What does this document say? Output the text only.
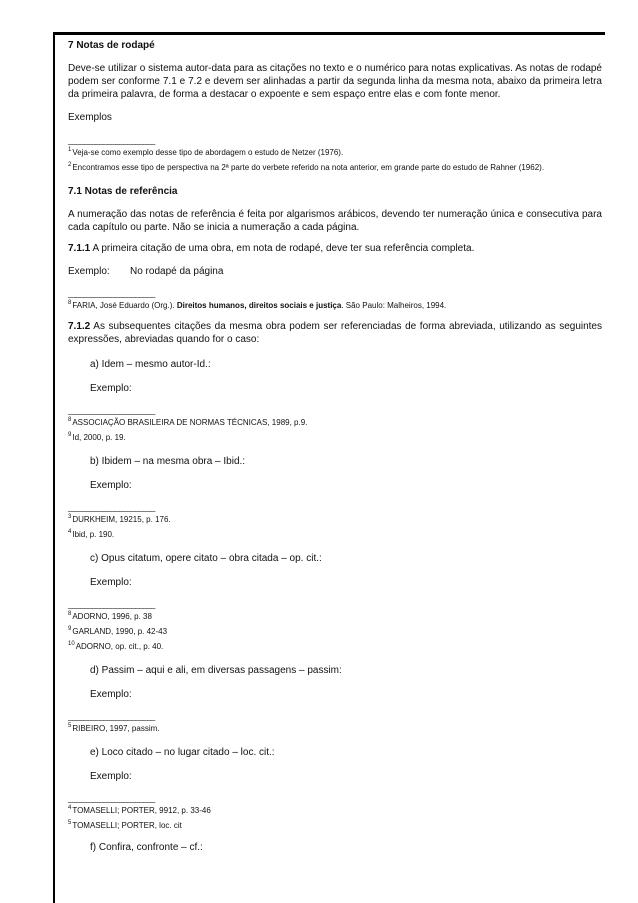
7 Notas de rodapé

Deve-se utilizar o sistema autor-data para as citações no texto e o numérico para notas explicativas. As notas de rodapé podem ser conforme 7.1 e 7.2 e devem ser alinhadas a partir da segunda linha da mesma nota, abaixo da primeira letra da primeira palavra, de forma a destacar o expoente e sem espaço entre elas e com fonte menor.

Exemplos

______________________

$^1$Veja-se como exemplo desse tipo de abordagem o estudo de Netzer (1976).

$^2$Encontramos esse tipo de perspectiva na 2ª parte do verbete referido na nota anterior, em grande parte do estudo de Rahner (1962).

7.1 Notas de referência

A numeração das notas de referência é feita por algarismos arábicos, devendo ter numeração única e consecutiva para cada capítulo ou parte. Não se inicia a numeração a cada página.

7.1.1 A primeira citação de uma obra, em nota de rodapé, deve ter sua referência completa.

Exemplo: No rodapé da página

______________________

$^8$FARIA, José Eduardo (Org.). Direitos humanos, direitos sociais e justiça. São Paulo: Malheiros, 1994.

7.1.2 As subsequentes citações da mesma obra podem ser referenciadas de forma abreviada, utilizando as seguintes expressões, abreviadas quando for o caso:

a) Idem – mesmo autor-Id.:

Exemplo:

______________________

$^8$ASSOCIAÇÃO BRASILEIRA DE NORMAS TÉCNICAS, 1989, p.9.

$^9$Id, 2000, p. 19.

b) Ibidem – na mesma obra – Ibid.:

Exemplo:

______________________

$^3$DURKHEIM, 19215, p. 176.

$^4$Ibid, p. 190.

c) Opus citatum, opere citato – obra citada – op. cit.:

Exemplo:

______________________

$^8$ADORNO, 1996, p. 38

$^9$GARLAND, 1990, p. 42-43

$^{10}$ADORNO, op. cit., p. 40.

d) Passim – aqui e ali, em diversas passagens – passim:

Exemplo:

______________________

$^5$RIBEIRO, 1997, passim.

e) Loco citado – no lugar citado – loc. cit.:

Exemplo:

______________________

$^4$TOMASELLI; PORTER, 9912, p. 33-46

$^5$TOMASELLI; PORTER, loc. cit

f) Confira, confronte – cf.:
